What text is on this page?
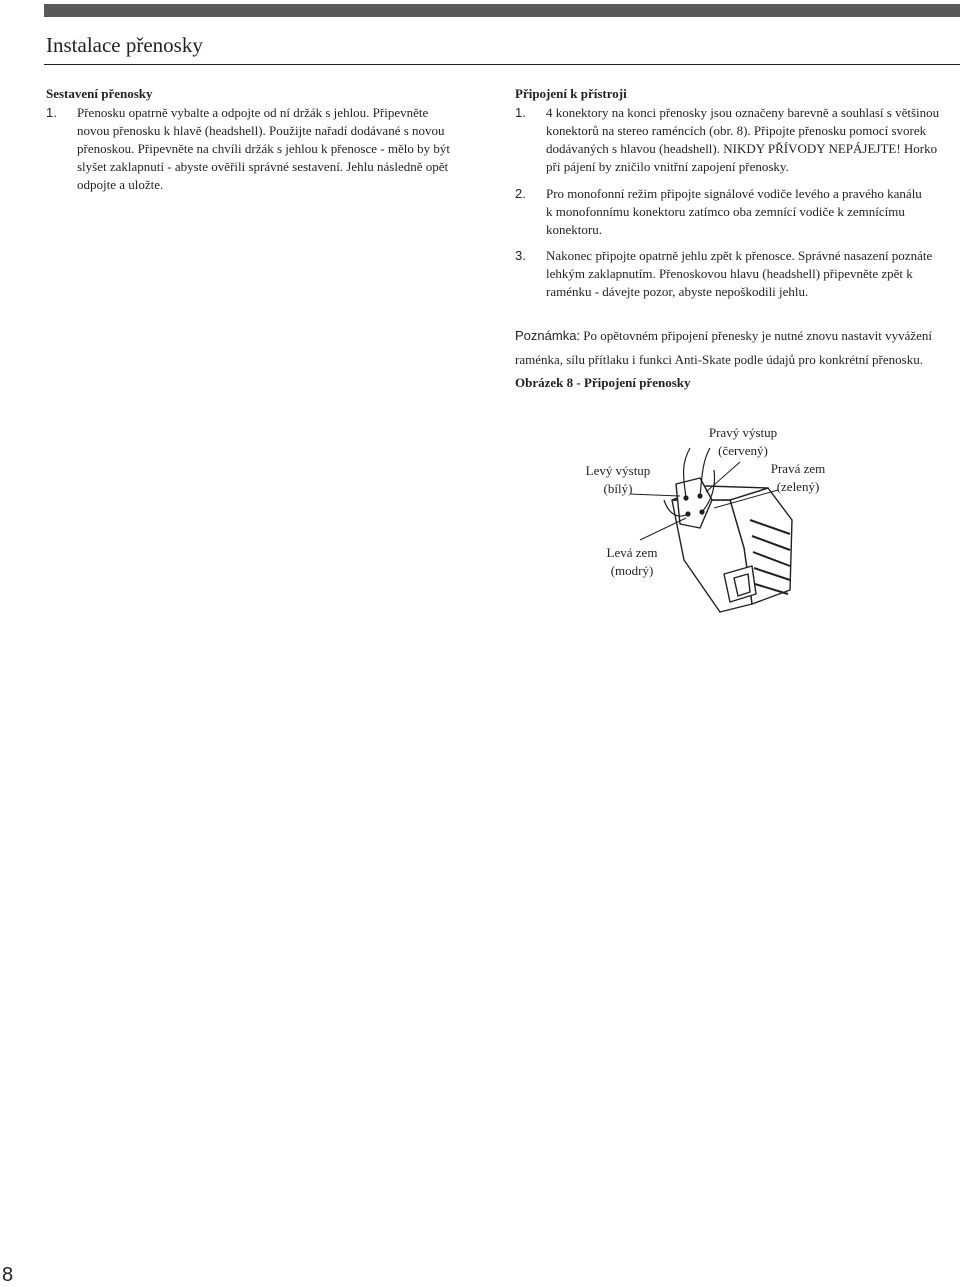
Instalace přenosky
Sestavení přenosky
1. Přenosku opatrně vybalte a odpojte od ní držák s jehlou. Připevněte
novou přenosku k hlavě (headshell). Použijte nařadí dodávané s novou
přenoskou. Připevněte na chvíli držák s jehlou k přenosce - mělo by být
slyšet zaklapnutí - abyste ověřili správné sestavení. Jehlu následně opět
odpojte a uložte.
Připojení k přístroji
1. 4 konektory na konci přenosky jsou označeny barevně a souhlasí s většinou
konektorů na stereo raméncích (obr. 8). Připojte přenosku pomocí svorek
dodávaných s hlavou (headshell). NIKDY PŘÍVODY NEPÁJEJTE! Horko
při pájení by zničilo vnitřní zapojení přenosky.
2. Pro monofonní režim připojte signálové vodiče levého a pravého kanálu
k monofonnímu konektoru zatímco oba zemnící vodiče k zemnícímu
konektoru.
3. Nakonec připojte opatrně jehlu zpět k přenosce. Správné nasazení poznáte
lehkým zaklapnutím. Přenoskovou hlavu (headshell) připevněte zpět k
raménku - dávejte pozor, abyste nepoškodili jehlu.
Poznámka: Po opětovném připojení přenesky je nutné znovu nastavit vyvážení
raménka, sílu přítlaku i funkci Anti-Skate podle údajů pro konkrétní přenosku.
Obrázek 8 - Připojení přenosky
Pravý výstup
(červený)
Pravá zem
(zelený)
Levý výstup
(bílý)
Levá zem
(modrý)
8
